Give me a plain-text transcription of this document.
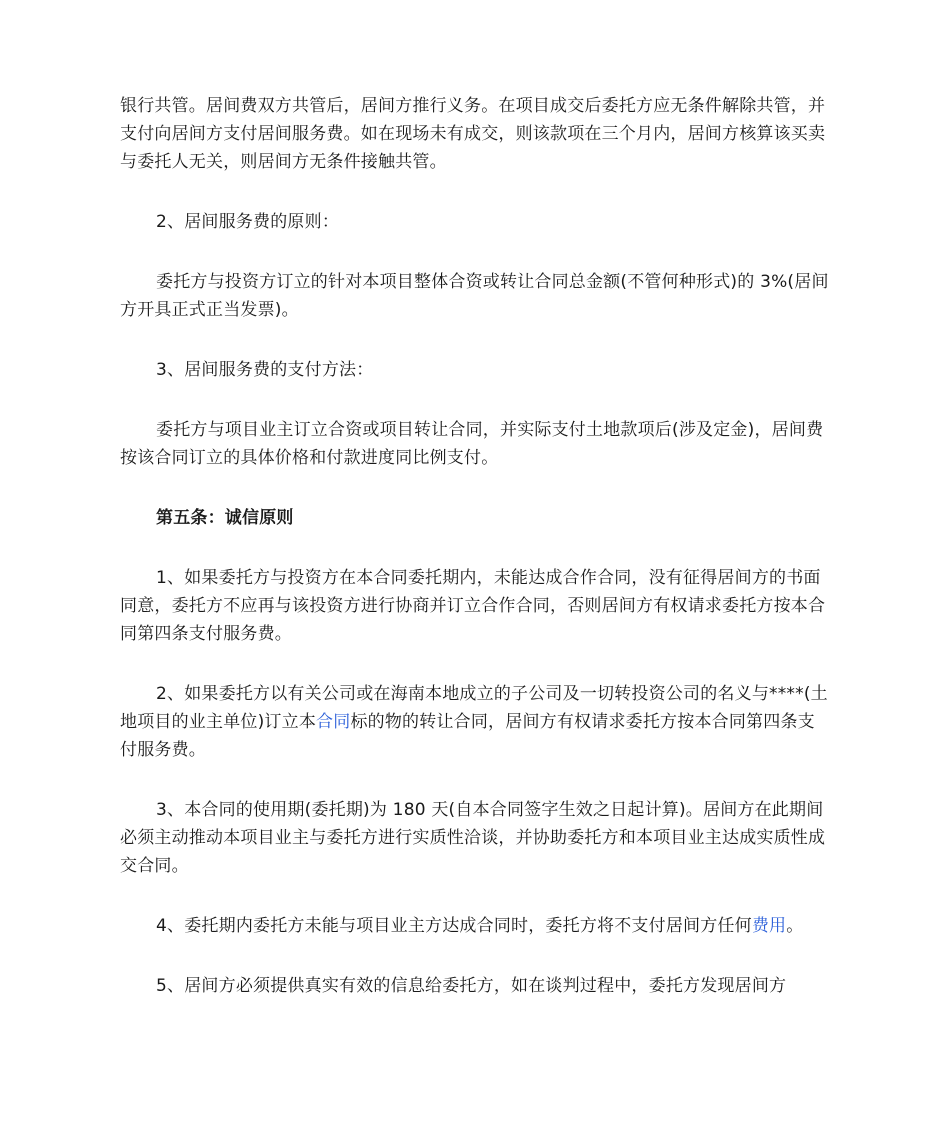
银行共管。居间费双方共管后，居间方推行义务。在项目成交后委托方应无条件解除共管，并支付向居间方支付居间服务费。如在现场未有成交，则该款项在三个月内，居间方核算该买卖与委托人无关，则居间方无条件接触共管。

2、居间服务费的原则：

委托方与投资方订立的针对本项目整体合资或转让合同总金额(不管何种形式)的 3%(居间方开具正式正当发票)。

3、居间服务费的支付方法：

委托方与项目业主订立合资或项目转让合同，并实际支付土地款项后(涉及定金)，居间费按该合同订立的具体价格和付款进度同比例支付。

第五条：诚信原则

1、如果委托方与投资方在本合同委托期内，未能达成合作合同，没有征得居间方的书面同意，委托方不应再与该投资方进行协商并订立合作合同，否则居间方有权请求委托方按本合同第四条支付服务费。

2、如果委托方以有关公司或在海南本地成立的子公司及一切转投资公司的名义与****(土地项目的业主单位)订立本合同标的物的转让合同，居间方有权请求委托方按本合同第四条支付服务费。

3、本合同的使用期(委托期)为 180 天(自本合同签字生效之日起计算)。居间方在此期间必须主动推动本项目业主与委托方进行实质性洽谈，并协助委托方和本项目业主达成实质性成交合同。

4、委托期内委托方未能与项目业主方达成合同时，委托方将不支付居间方任何费用。

5、居间方必须提供真实有效的信息给委托方，如在谈判过程中，委托方发现居间方
